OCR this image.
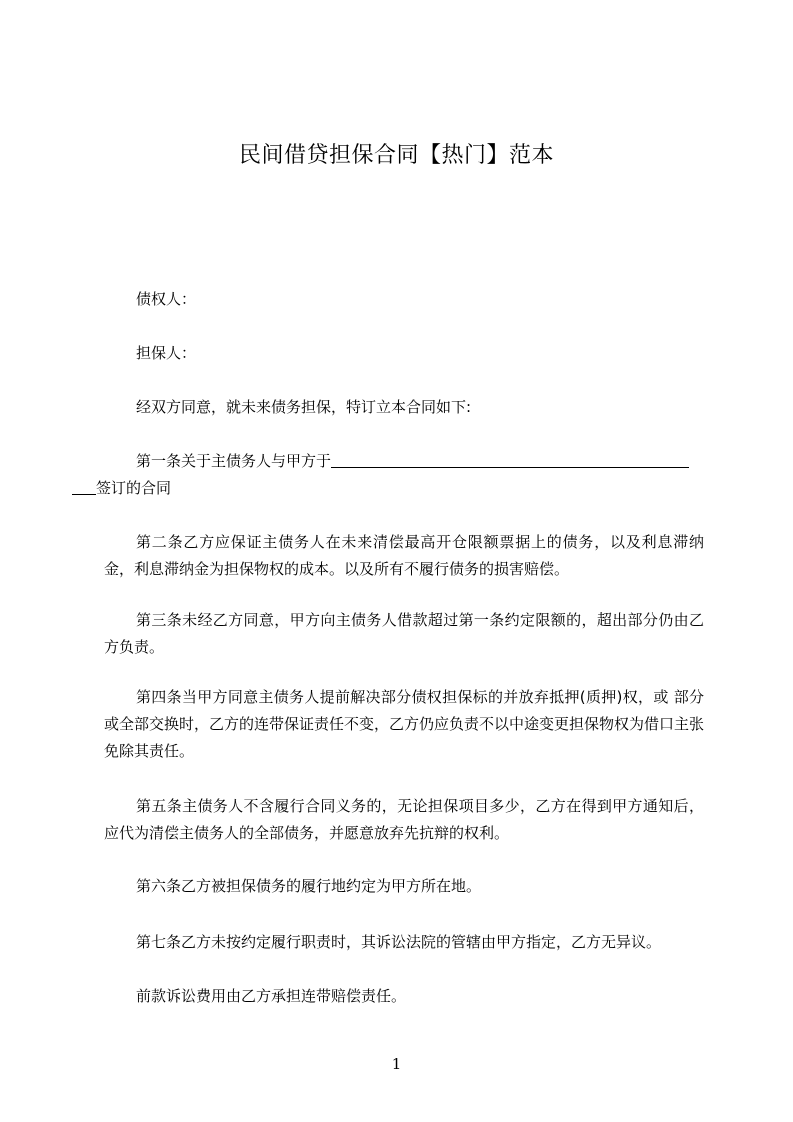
民间借贷担保合同【热门】范本

债权人：

担保人：

经双方同意，就未来债务担保，特订立本合同如下:

第一条关于主债务人与甲方于
签订的合同

第二条乙方应保证主债务人在未来清偿最高开仓限额票据上的债务，以及利息滞纳金，利息滞纳金为担保物权的成本。以及所有不履行债务的损害赔偿。

第三条未经乙方同意，甲方向主债务人借款超过第一条约定限额的，超出部分仍由乙方负责。

第四条当甲方同意主债务人提前解决部分债权担保标的并放弃抵押(质押)权，或 部分或全部交换时，乙方的连带保证责任不变，乙方仍应负责不以中途变更担保物权为借口主张免除其责任。

第五条主债务人不含履行合同义务的，无论担保项目多少，乙方在得到甲方通知后，应代为清偿主债务人的全部债务，并愿意放弃先抗辩的权利。

第六条乙方被担保债务的履行地约定为甲方所在地。

第七条乙方未按约定履行职责时，其诉讼法院的管辖由甲方指定，乙方无异议。

前款诉讼费用由乙方承担连带赔偿责任。

1
